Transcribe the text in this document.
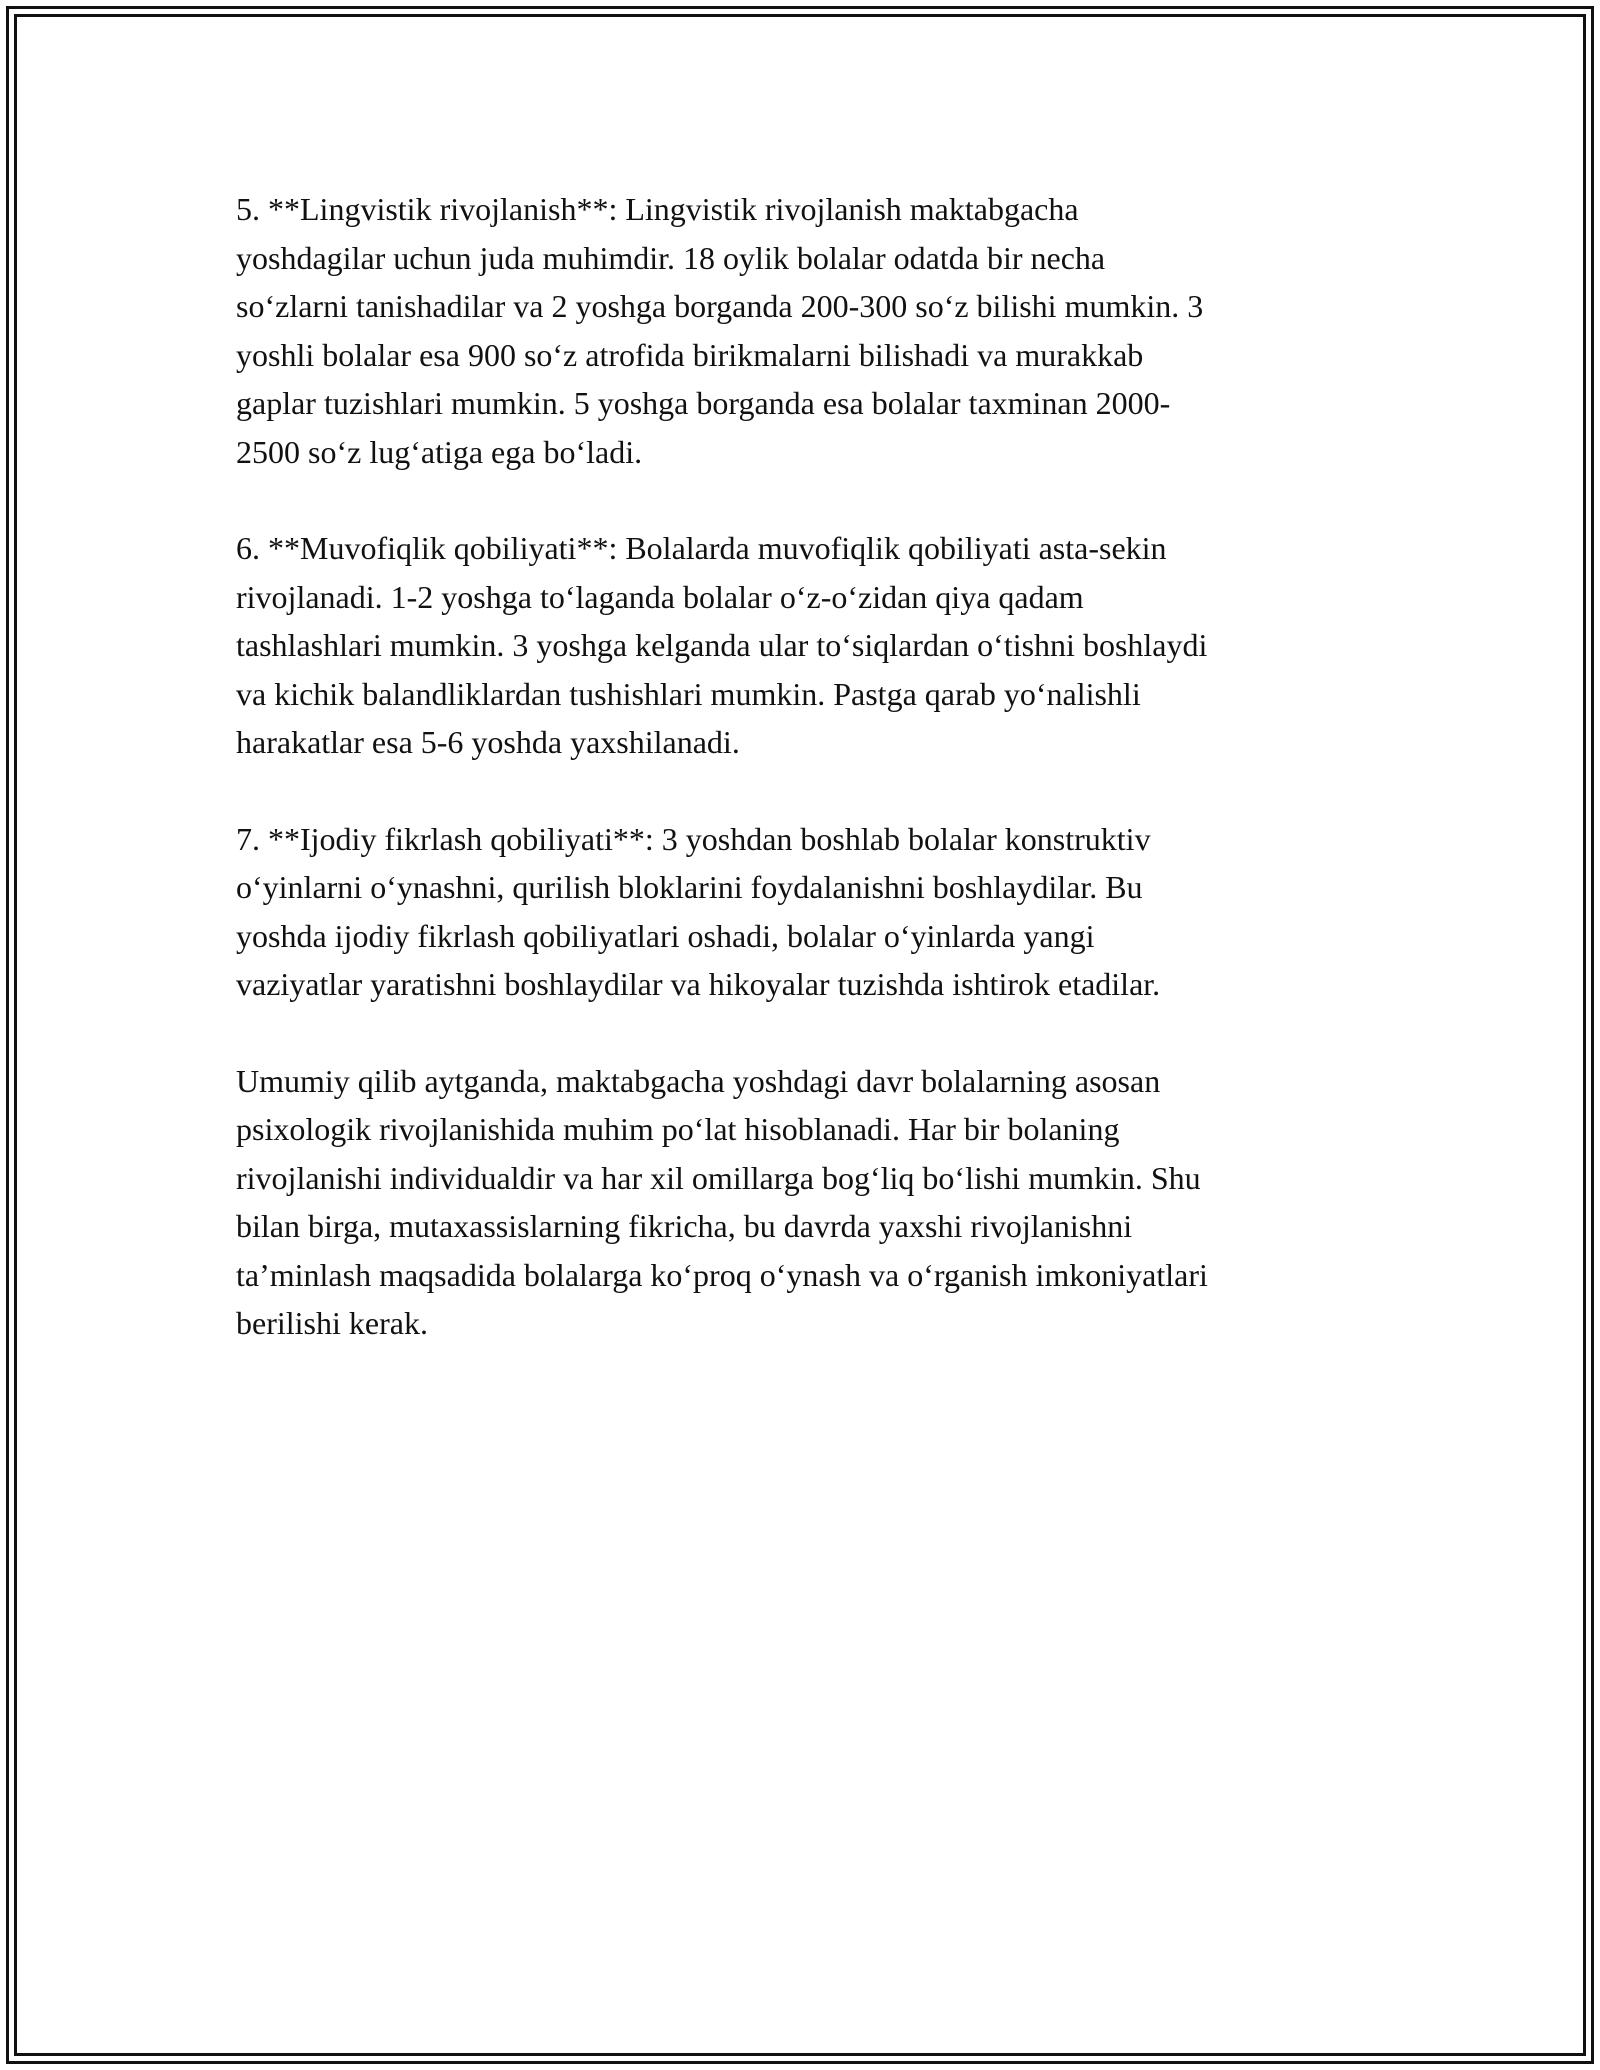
5. **Lingvistik rivojlanish**: Lingvistik rivojlanish maktabgacha
yoshdagilar uchun juda muhimdir. 18 oylik bolalar odatda bir necha
so‘zlarni tanishadilar va 2 yoshga borganda 200-300 so‘z bilishi mumkin. 3
yoshli bolalar esa 900 so‘z atrofida birikmalarni bilishadi va murakkab
gaplar tuzishlari mumkin. 5 yoshga borganda esa bolalar taxminan 2000-
2500 so‘z lug‘atiga ega bo‘ladi.

6. **Muvofiqlik qobiliyati**: Bolalarda muvofiqlik qobiliyati asta-sekin
rivojlanadi. 1-2 yoshga to‘laganda bolalar o‘z-o‘zidan qiya qadam
tashlashlari mumkin. 3 yoshga kelganda ular to‘siqlardan o‘tishni boshlaydi
va kichik balandliklardan tushishlari mumkin. Pastga qarab yo‘nalishli
harakatlar esa 5-6 yoshda yaxshilanadi.

7. **Ijodiy fikrlash qobiliyati**: 3 yoshdan boshlab bolalar konstruktiv
o‘yinlarni o‘ynashni, qurilish bloklarini foydalanishni boshlaydilar. Bu
yoshda ijodiy fikrlash qobiliyatlari oshadi, bolalar o‘yinlarda yangi
vaziyatlar yaratishni boshlaydilar va hikoyalar tuzishda ishtirok etadilar.

Umumiy qilib aytganda, maktabgacha yoshdagi davr bolalarning asosan
psixologik rivojlanishida muhim po‘lat hisoblanadi. Har bir bolaning
rivojlanishi individualdir va har xil omillarga bog‘liq bo‘lishi mumkin. Shu
bilan birga, mutaxassislarning fikricha, bu davrda yaxshi rivojlanishni
ta’minlash maqsadida bolalarga ko‘proq o‘ynash va o‘rganish imkoniyatlari
berilishi kerak.
